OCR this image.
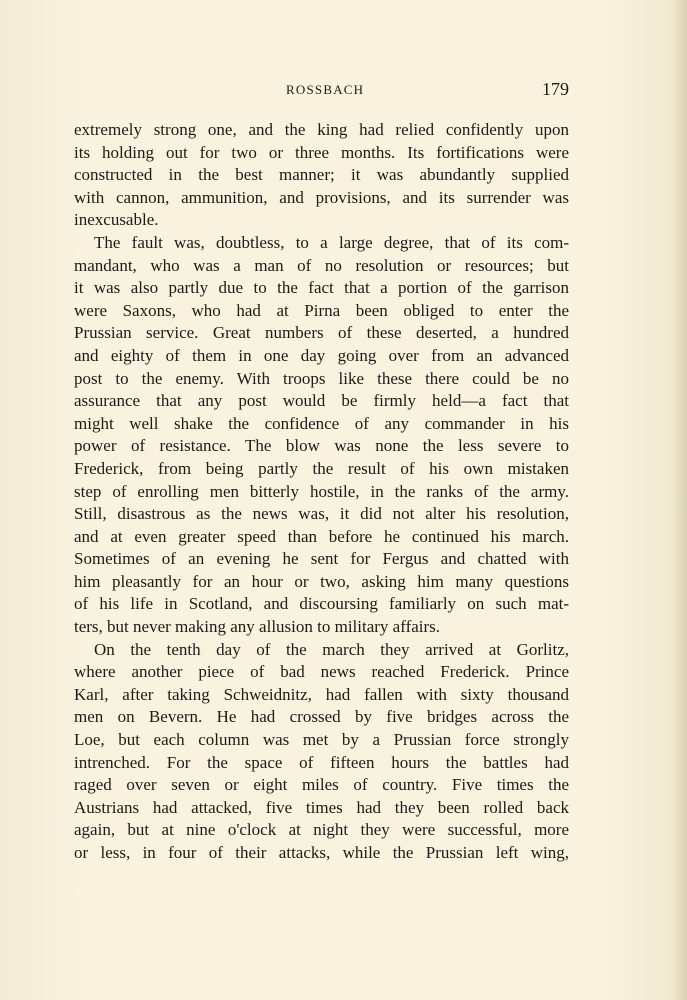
ROSSBACH	179
extremely strong one, and the king had relied confidently upon
its holding out for two or three months. Its fortifications were
constructed in the best manner; it was abundantly supplied
with cannon, ammunition, and provisions, and its surrender was
inexcusable.
The fault was, doubtless, to a large degree, that of its com-
mandant, who was a man of no resolution or resources; but
it was also partly due to the fact that a portion of the garrison
were Saxons, who had at Pirna been obliged to enter the
Prussian service. Great numbers of these deserted, a hundred
and eighty of them in one day going over from an advanced
post to the enemy. With troops like these there could be no
assurance that any post would be firmly held—a fact that
might well shake the confidence of any commander in his
power of resistance. The blow was none the less severe to
Frederick, from being partly the result of his own mistaken
step of enrolling men bitterly hostile, in the ranks of the army.
Still, disastrous as the news was, it did not alter his resolution,
and at even greater speed than before he continued his march.
Sometimes of an evening he sent for Fergus and chatted with
him pleasantly for an hour or two, asking him many questions
of his life in Scotland, and discoursing familiarly on such mat-
ters, but never making any allusion to military affairs.
On the tenth day of the march they arrived at Gorlitz,
where another piece of bad news reached Frederick. Prince
Karl, after taking Schweidnitz, had fallen with sixty thousand
men on Bevern. He had crossed by five bridges across the
Loe, but each column was met by a Prussian force strongly
intrenched. For the space of fifteen hours the battles had
raged over seven or eight miles of country. Five times the
Austrians had attacked, five times had they been rolled back
again, but at nine o'clock at night they were successful, more
or less, in four of their attacks, while the Prussian left wing,
